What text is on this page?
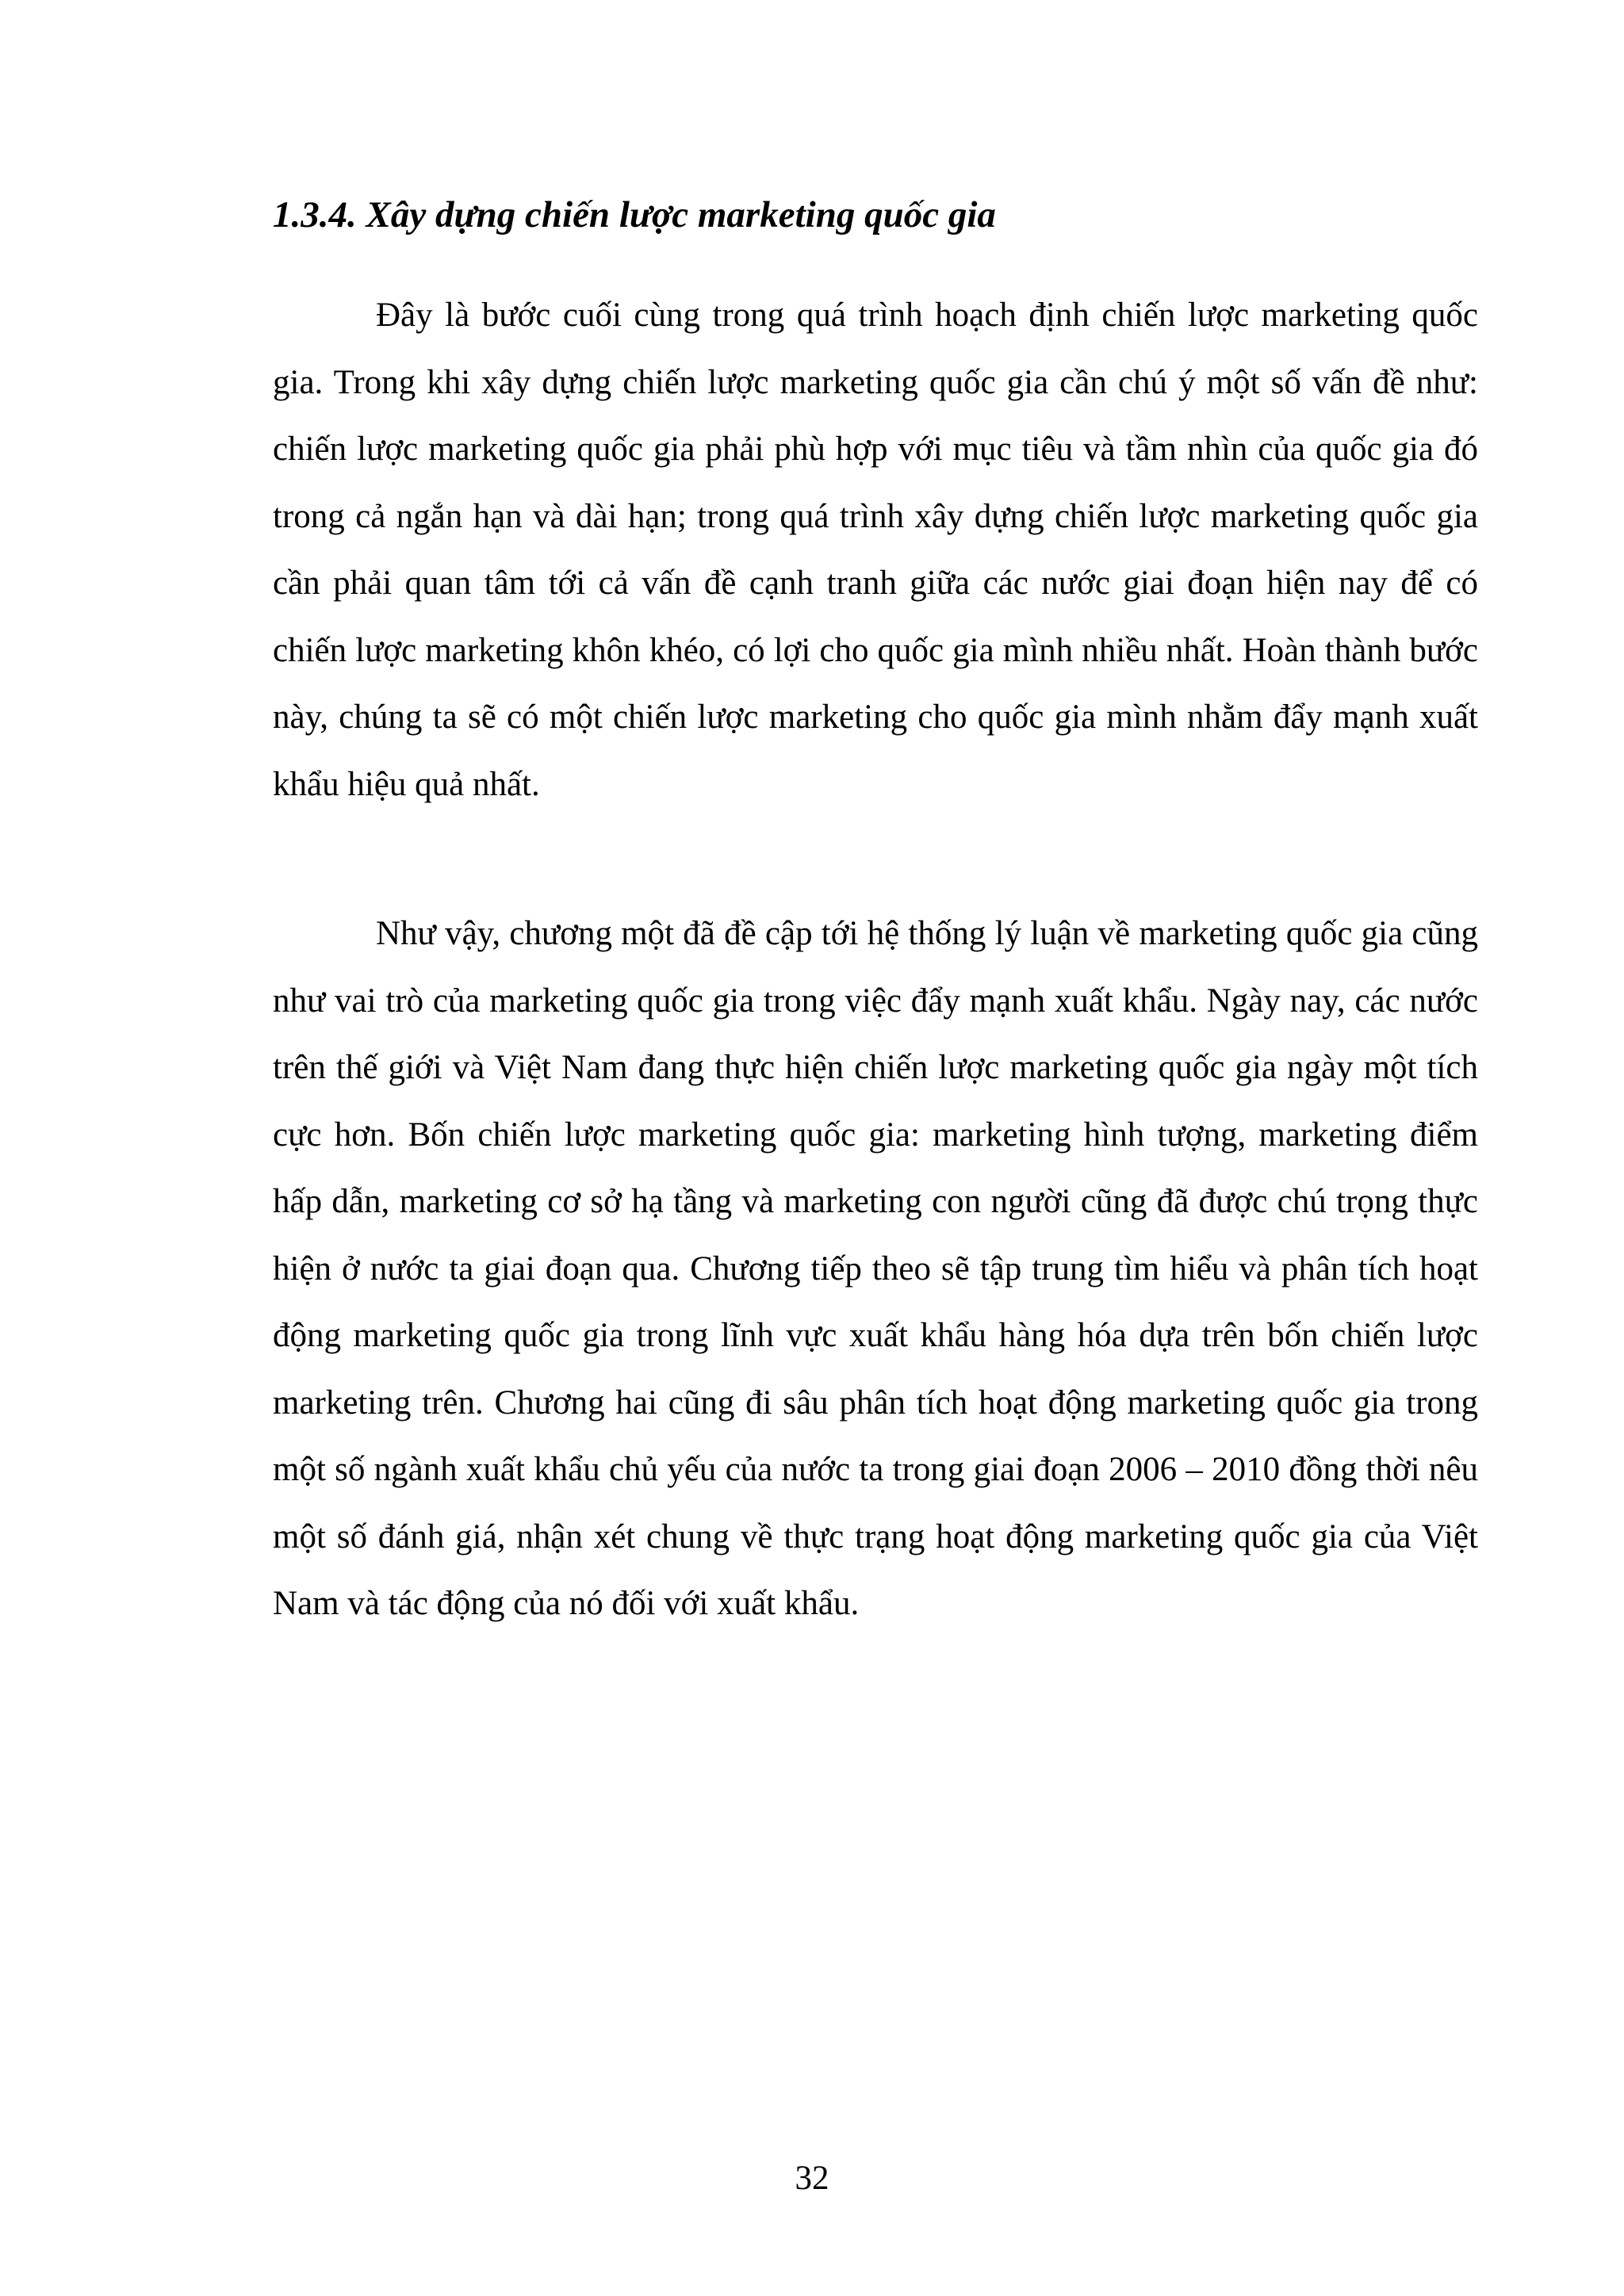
1.3.4. Xây dựng chiến lược marketing quốc gia

Đây là bước cuối cùng trong quá trình hoạch định chiến lược marketing quốc gia. Trong khi xây dựng chiến lược marketing quốc gia cần chú ý một số vấn đề như: chiến lược marketing quốc gia phải phù hợp với mục tiêu và tầm nhìn của quốc gia đó trong cả ngắn hạn và dài hạn; trong quá trình xây dựng chiến lược marketing quốc gia cần phải quan tâm tới cả vấn đề cạnh tranh giữa các nước giai đoạn hiện nay để có chiến lược marketing khôn khéo, có lợi cho quốc gia mình nhiều nhất. Hoàn thành bước này, chúng ta sẽ có một chiến lược marketing cho quốc gia mình nhằm đẩy mạnh xuất khẩu hiệu quả nhất.

Như vậy, chương một đã đề cập tới hệ thống lý luận về marketing quốc gia cũng như vai trò của marketing quốc gia trong việc đẩy mạnh xuất khẩu. Ngày nay, các nước trên thế giới và Việt Nam đang thực hiện chiến lược marketing quốc gia ngày một tích cực hơn. Bốn chiến lược marketing quốc gia: marketing hình tượng, marketing điểm hấp dẫn, marketing cơ sở hạ tầng và marketing con người cũng đã được chú trọng thực hiện ở nước ta giai đoạn qua. Chương tiếp theo sẽ tập trung tìm hiểu và phân tích hoạt động marketing quốc gia trong lĩnh vực xuất khẩu hàng hóa dựa trên bốn chiến lược marketing trên. Chương hai cũng đi sâu phân tích hoạt động marketing quốc gia trong một số ngành xuất khẩu chủ yếu của nước ta trong giai đoạn 2006 – 2010 đồng thời nêu một số đánh giá, nhận xét chung về thực trạng hoạt động marketing quốc gia của Việt Nam và tác động của nó đối với xuất khẩu.

32
